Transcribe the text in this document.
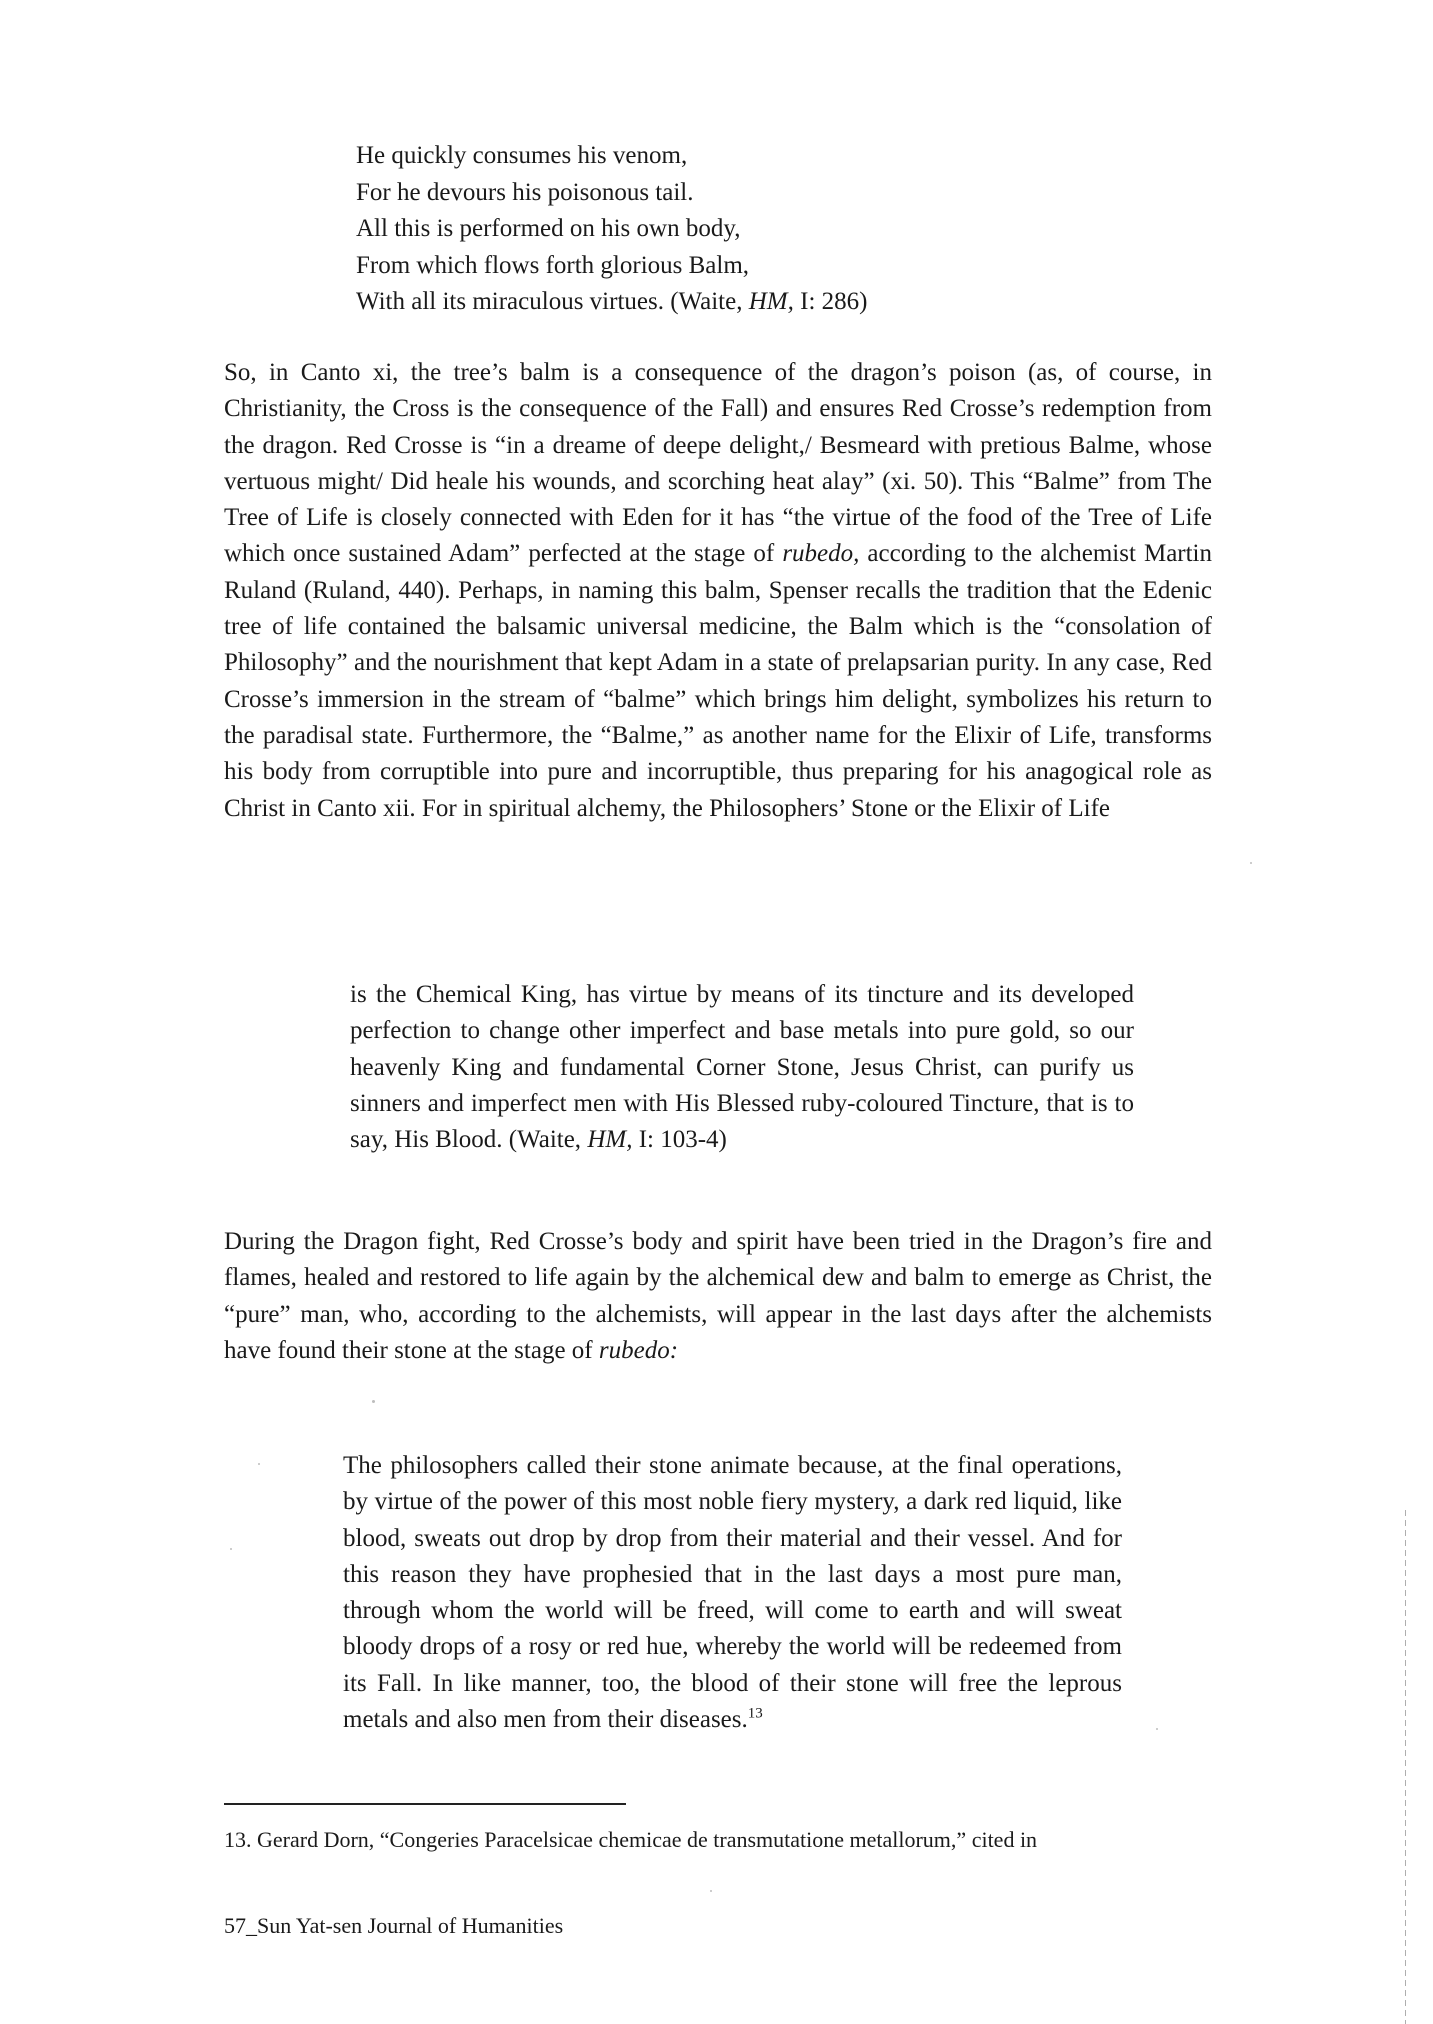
He quickly consumes his venom,
For he devours his poisonous tail.
All this is performed on his own body,
From which flows forth glorious Balm,
With all its miraculous virtues. (Waite, HM, I: 286)

So, in Canto xi, the tree’s balm is a consequence of the dragon’s poison (as, of course, in Christianity, the Cross is the consequence of the Fall) and ensures Red Crosse’s redemption from the dragon. Red Crosse is “in a dreame of deepe delight,/ Besmeard with pretious Balme, whose vertuous might/ Did heale his wounds, and scorching heat alay” (xi. 50). This “Balme” from The Tree of Life is closely connected with Eden for it has “the virtue of the food of the Tree of Life which once sustained Adam” perfected at the stage of rubedo, according to the alchemist Martin Ruland (Ruland, 440). Perhaps, in naming this balm, Spenser recalls the tradition that the Edenic tree of life contained the balsamic universal medicine, the Balm which is the “consolation of Philosophy” and the nourishment that kept Adam in a state of prelapsarian purity. In any case, Red Crosse’s immersion in the stream of “balme” which brings him delight, symbolizes his return to the paradisal state. Furthermore, the “Balme,” as another name for the Elixir of Life, transforms his body from corruptible into pure and incorruptible, thus preparing for his anagogical role as Christ in Canto xii. For in spiritual alchemy, the Philosophers’ Stone or the Elixir of Life

is the Chemical King, has virtue by means of its tincture and its developed perfection to change other imperfect and base metals into pure gold, so our heavenly King and fundamental Corner Stone, Jesus Christ, can purify us sinners and imperfect men with His Blessed ruby-coloured Tincture, that is to say, His Blood. (Waite, HM, I: 103-4)

During the Dragon fight, Red Crosse’s body and spirit have been tried in the Dragon’s fire and flames, healed and restored to life again by the alchemical dew and balm to emerge as Christ, the “pure” man, who, according to the alchemists, will appear in the last days after the alchemists have found their stone at the stage of rubedo:

The philosophers called their stone animate because, at the final operations, by virtue of the power of this most noble fiery mystery, a dark red liquid, like blood, sweats out drop by drop from their material and their vessel. And for this reason they have prophesied that in the last days a most pure man, through whom the world will be freed, will come to earth and will sweat bloody drops of a rosy or red hue, whereby the world will be redeemed from its Fall. In like manner, too, the blood of their stone will free the leprous metals and also men from their diseases.$^{13}$

13. Gerard Dorn, “Congeries Paracelsicae chemicae de transmutatione metallorum,” cited in

57_Sun Yat-sen Journal of Humanities
